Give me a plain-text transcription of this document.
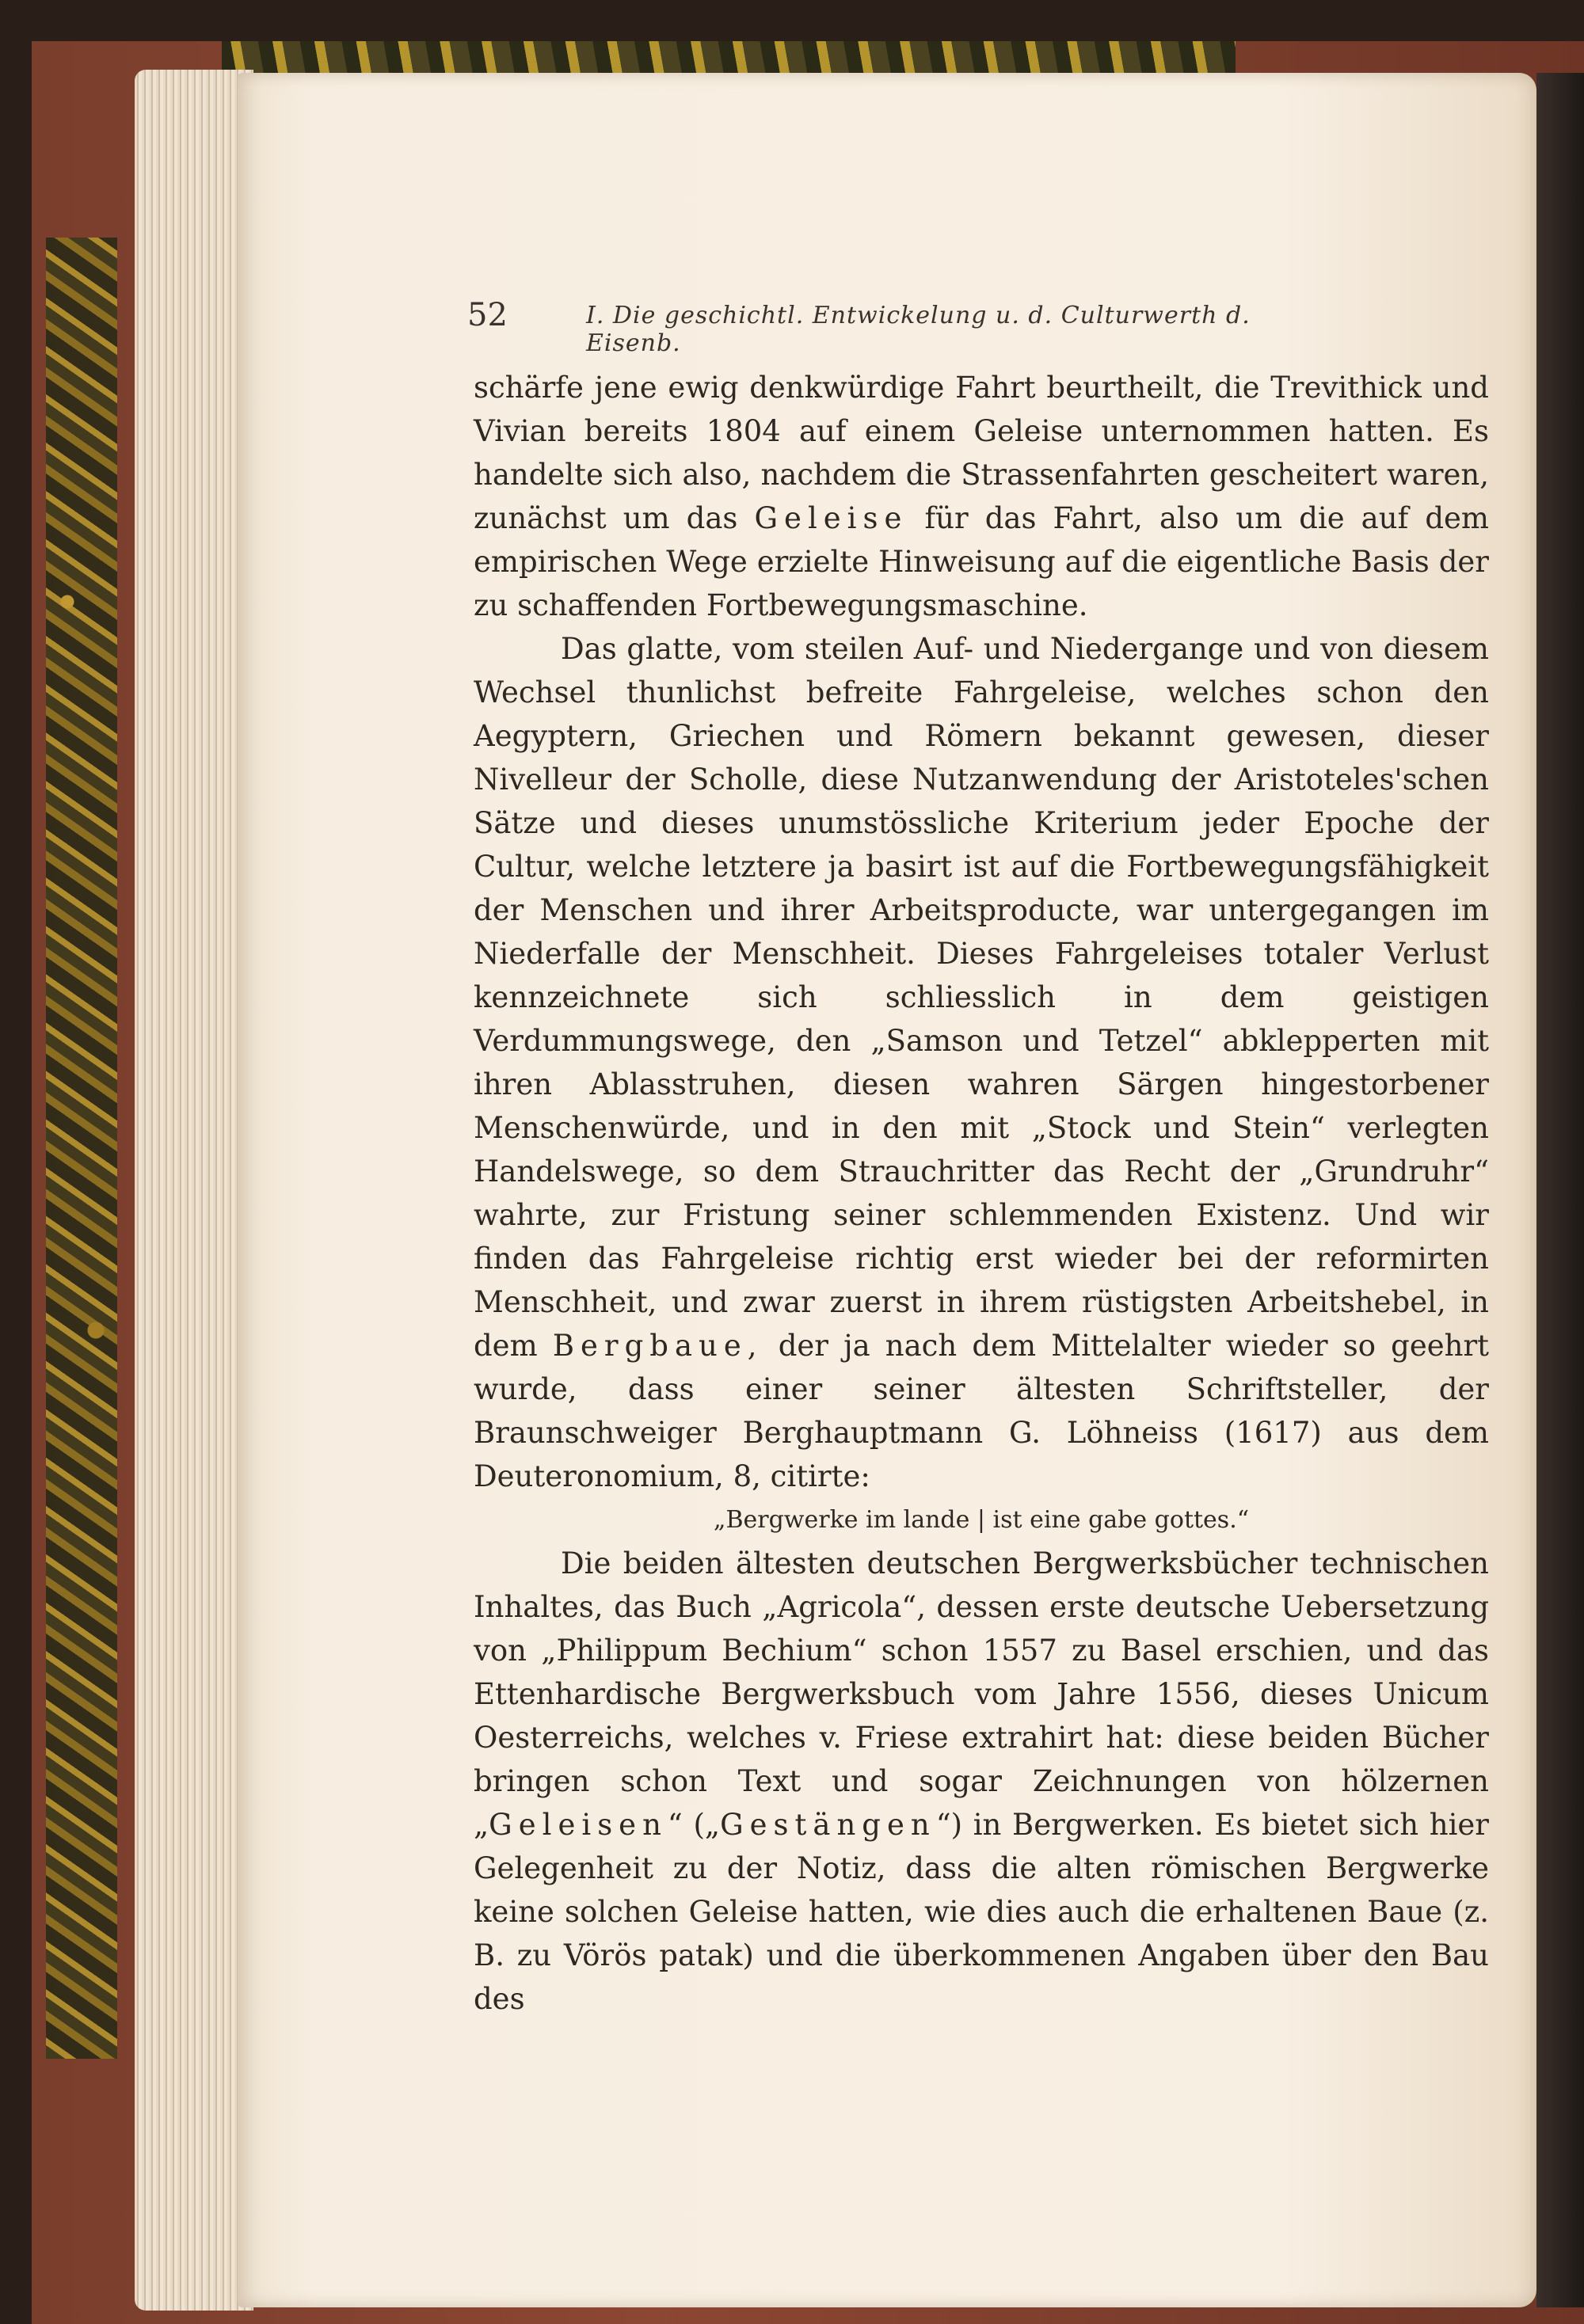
52	I. Die geschichtl. Entwickelung u. d. Culturwerth d. Eisenb.

schärfe jene ewig denkwürdige Fahrt beurtheilt, die Trevithick und Vivian bereits 1804 auf einem Geleise unternommen hatten. Es handelte sich also, nachdem die Strassenfahrten gescheitert waren, zunächst um das Geleise für das Fahrt, also um die auf dem empirischen Wege erzielte Hinweisung auf die eigentliche Basis der zu schaffenden Fortbewegungsmaschine.

Das glatte, vom steilen Auf- und Niedergange und von diesem Wechsel thunlichst befreite Fahrgeleise, welches schon den Aegyptern, Griechen und Römern bekannt gewesen, dieser Nivelleur der Scholle, diese Nutzanwendung der Aristoteles'schen Sätze und dieses unumstössliche Kriterium jeder Epoche der Cultur, welche letztere ja basirt ist auf die Fortbewegungsfähigkeit der Menschen und ihrer Arbeitsproducte, war untergegangen im Niederfalle der Menschheit. Dieses Fahrgeleises totaler Verlust kennzeichnete sich schliesslich in dem geistigen Verdummungswege, den „Samson und Tetzel“ abklepperten mit ihren Ablasstruhen, diesen wahren Särgen hingestorbener Menschenwürde, und in den mit „Stock und Stein“ verlegten Handelswege, so dem Strauchritter das Recht der „Grundruhr“ wahrte, zur Fristung seiner schlemmenden Existenz. Und wir finden das Fahrgeleise richtig erst wieder bei der reformirten Menschheit, und zwar zuerst in ihrem rüstigsten Arbeitshebel, in dem Bergbaue, der ja nach dem Mittelalter wieder so geehrt wurde, dass einer seiner ältesten Schriftsteller, der Braunschweiger Berghauptmann G. Löhneiss (1617) aus dem Deuteronomium, 8, citirte:

„Bergwerke im lande | ist eine gabe gottes.“

Die beiden ältesten deutschen Bergwerksbücher technischen Inhaltes, das Buch „Agricola“, dessen erste deutsche Uebersetzung von „Philippum Bechium“ schon 1557 zu Basel erschien, und das Ettenhardische Bergwerksbuch vom Jahre 1556, dieses Unicum Oesterreichs, welches v. Friese extrahirt hat: diese beiden Bücher bringen schon Text und sogar Zeichnungen von hölzernen „Geleisen“ („Gestängen“) in Bergwerken. Es bietet sich hier Gelegenheit zu der Notiz, dass die alten römischen Bergwerke keine solchen Geleise hatten, wie dies auch die erhaltenen Baue (z. B. zu Vörös patak) und die überkommenen Angaben über den Bau des
